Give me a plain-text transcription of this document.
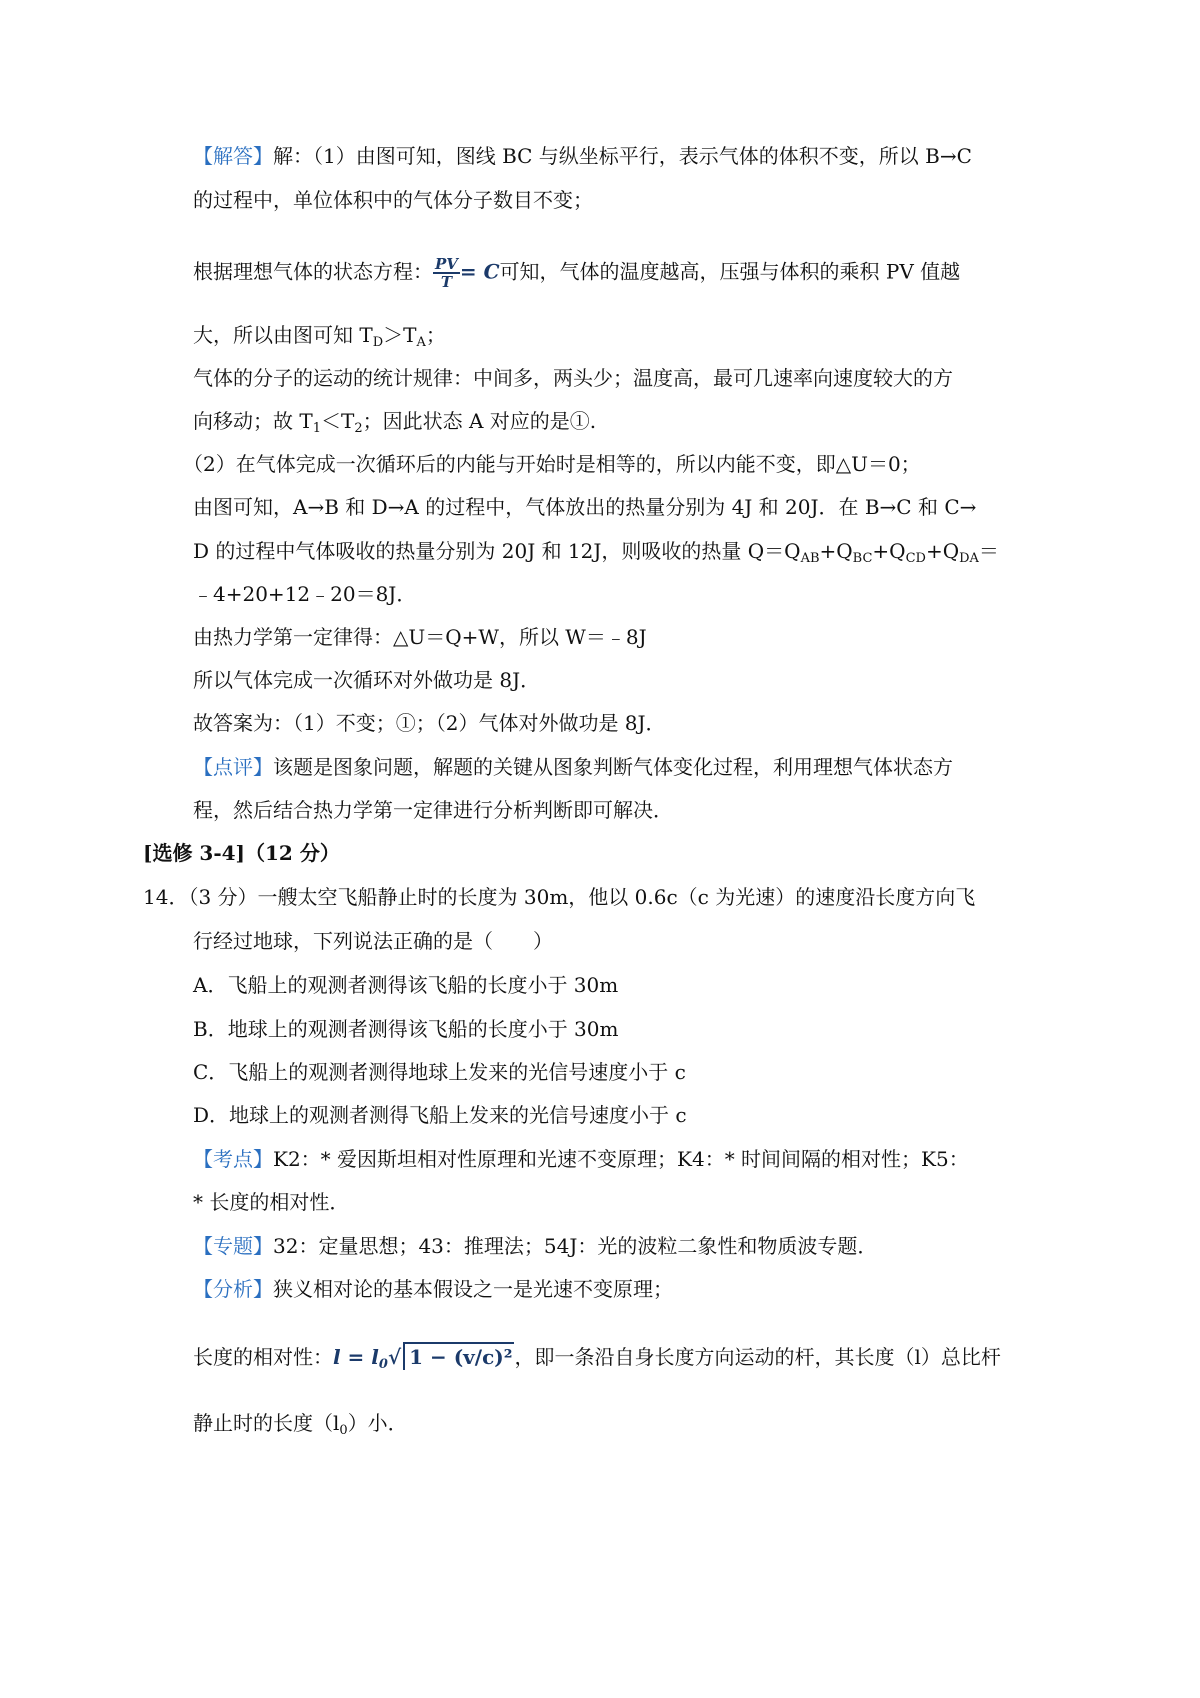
【解答】解：（1）由图可知，图线 BC 与纵坐标平行，表示气体的体积不变，所以 B→C
的过程中，单位体积中的气体分子数目不变；
根据理想气体的状态方程： $\frac{PV}{T} = C$可知，气体的温度越高，压强与体积的乘积 PV 值越
大，所以由图可知 $T_D>T_A$；
气体的分子的运动的统计规律：中间多，两头少；温度高，最可几速率向速度较大的方
向移动；故 $T_1<T_2$；因此状态 A 对应的是①.
（2）在气体完成一次循环后的内能与开始时是相等的，所以内能不变，即△U＝0；
由图可知，A→B 和 D→A 的过程中，气体放出的热量分别为 4J 和 20J．在 B→C 和 C→
D 的过程中气体吸收的热量分别为 20J 和 12J，则吸收的热量 $Q=Q_{AB}+Q_{BC}+Q_{CD}+Q_{DA}=$
﹣4+20+12﹣20＝8J．
由热力学第一定律得：△U＝Q+W，所以 W＝﹣8J
所以气体完成一次循环对外做功是 8J．
故答案为：（1）不变；①；（2）气体对外做功是 8J．
【点评】该题是图象问题，解题的关键从图象判断气体变化过程，利用理想气体状态方
程，然后结合热力学第一定律进行分析判断即可解决．
[选修 3-4]（12 分）
14．（3 分）一艘太空飞船静止时的长度为 30m，他以 0.6c（c 为光速）的速度沿长度方向飞
行经过地球，下列说法正确的是（　　）
A．飞船上的观测者测得该飞船的长度小于 30m
B．地球上的观测者测得该飞船的长度小于 30m
C．飞船上的观测者测得地球上发来的光信号速度小于 c
D．地球上的观测者测得飞船上发来的光信号速度小于 c
【考点】K2：* 爱因斯坦相对性原理和光速不变原理；K4：* 时间间隔的相对性；K5：
* 长度的相对性．
【专题】32：定量思想；43：推理法；54J：光的波粒二象性和物质波专题．
【分析】狭义相对论的基本假设之一是光速不变原理；
长度的相对性：$l = l_0√$ 1 − (v/c)² ，即一条沿自身长度方向运动的杆，其长度（l）总比杆
静止时的长度$(l_0)$小．
